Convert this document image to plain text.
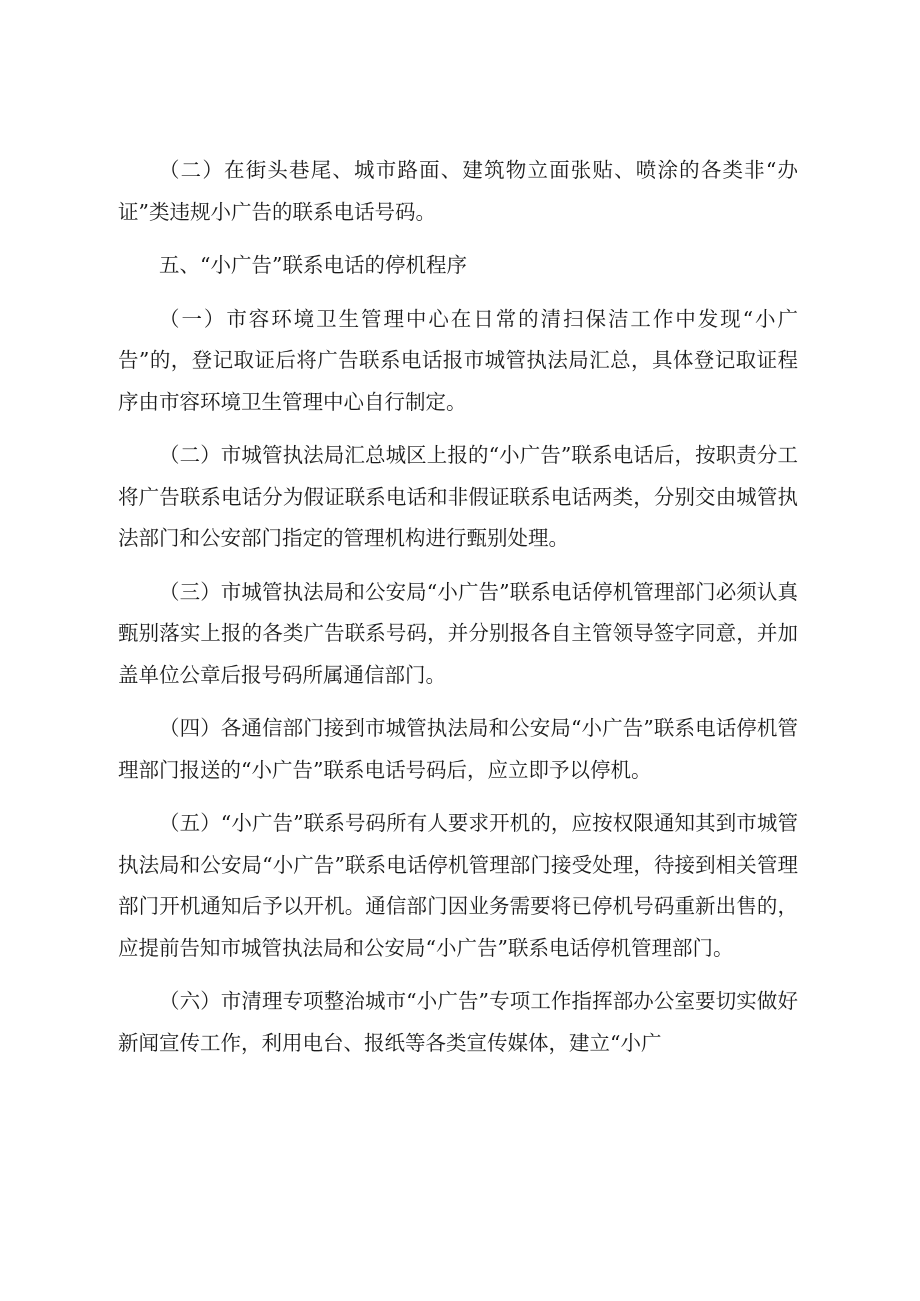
（二）在街头巷尾、城市路面、建筑物立面张贴、喷涂的各类非“办证”类违规小广告的联系电话号码。

五、“小广告”联系电话的停机程序

（一）市容环境卫生管理中心在日常的清扫保洁工作中发现“小广告”的，登记取证后将广告联系电话报市城管执法局汇总，具体登记取证程序由市容环境卫生管理中心自行制定。

（二）市城管执法局汇总城区上报的“小广告”联系电话后，按职责分工将广告联系电话分为假证联系电话和非假证联系电话两类，分别交由城管执法部门和公安部门指定的管理机构进行甄别处理。

（三）市城管执法局和公安局“小广告”联系电话停机管理部门必须认真甄别落实上报的各类广告联系号码，并分别报各自主管领导签字同意，并加盖单位公章后报号码所属通信部门。

（四）各通信部门接到市城管执法局和公安局“小广告”联系电话停机管理部门报送的“小广告”联系电话号码后，应立即予以停机。

（五）“小广告”联系号码所有人要求开机的，应按权限通知其到市城管执法局和公安局“小广告”联系电话停机管理部门接受处理，待接到相关管理部门开机通知后予以开机。通信部门因业务需要将已停机号码重新出售的，应提前告知市城管执法局和公安局“小广告”联系电话停机管理部门。

（六）市清理专项整治城市“小广告”专项工作指挥部办公室要切实做好新闻宣传工作，利用电台、报纸等各类宣传媒体，建立“小广
